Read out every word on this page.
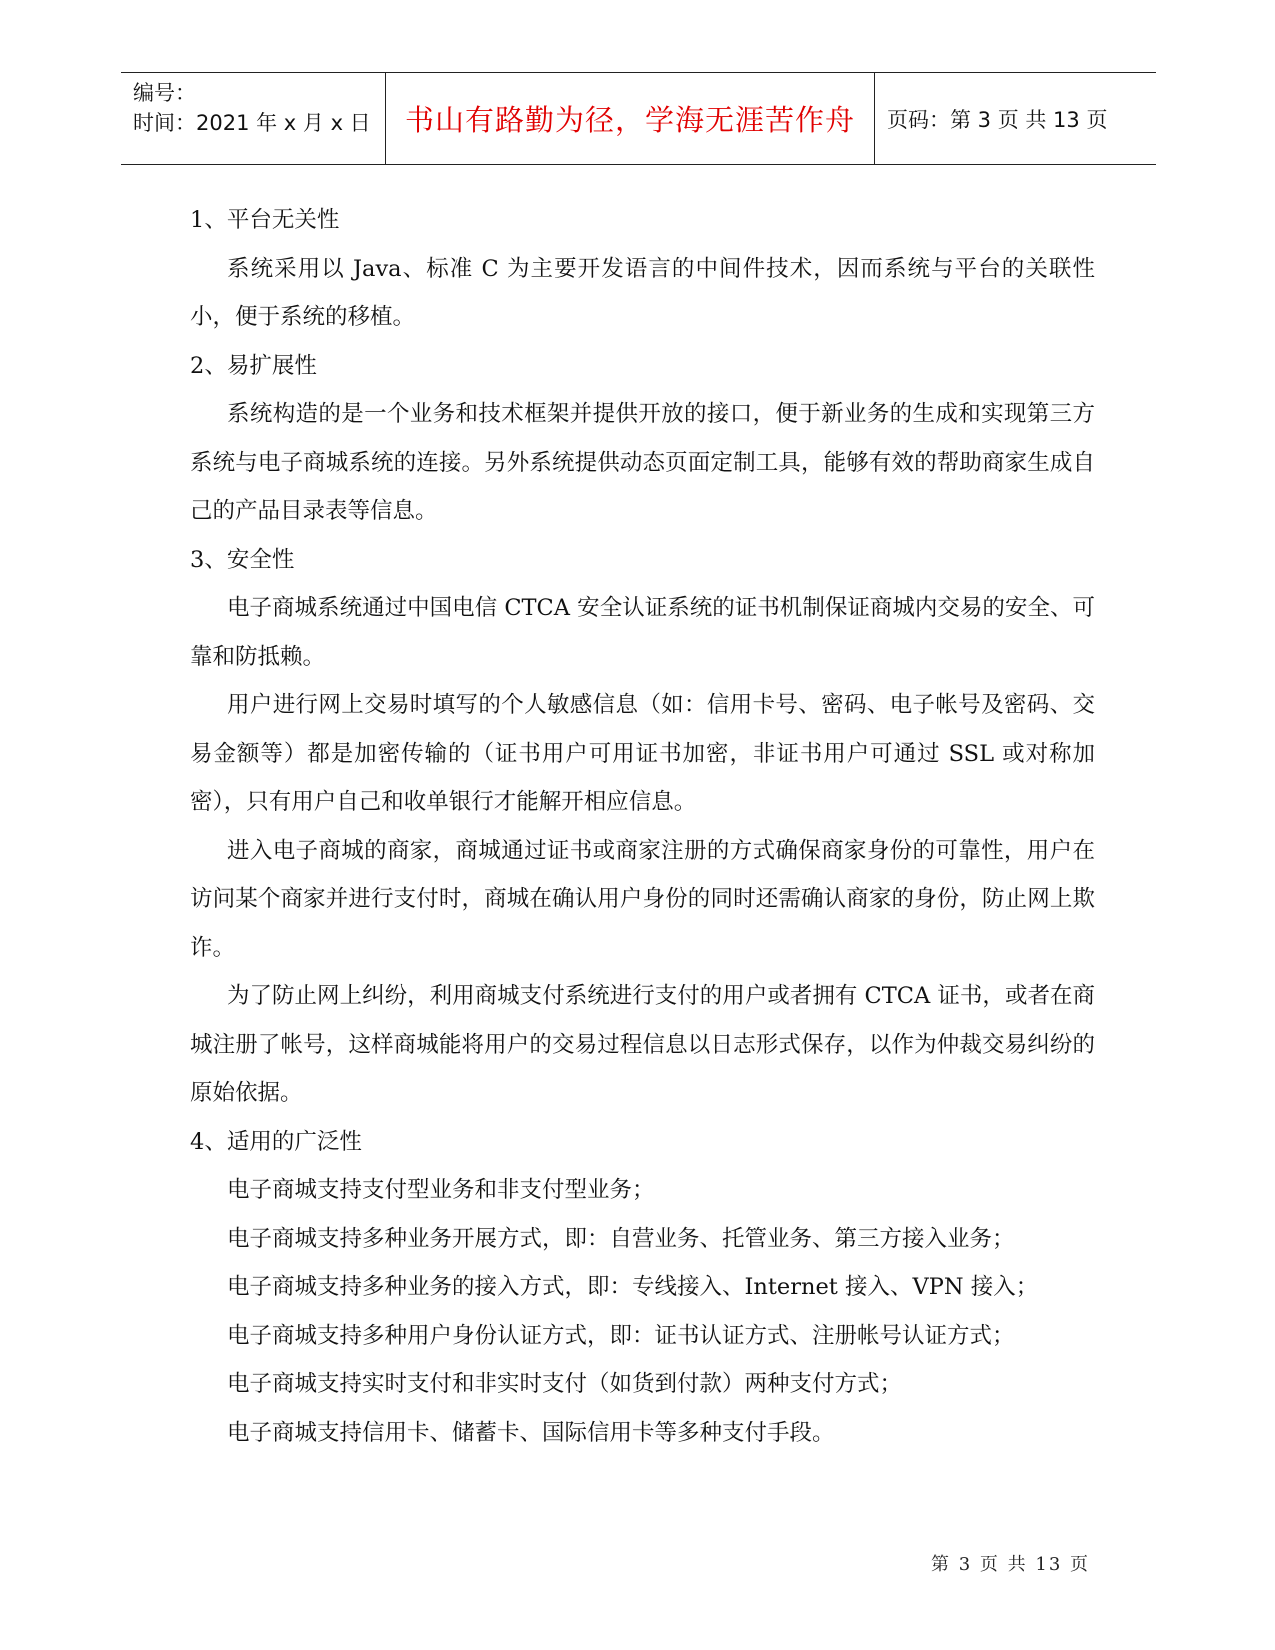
编号：
时间：2021 年 x 月 x 日	书山有路勤为径，学海无涯苦作舟	页码：第 3 页 共 13 页

1、平台无关性

系统采用以 Java、标准 C 为主要开发语言的中间件技术，因而系统与平台的关联性小，便于系统的移植。

2、易扩展性

系统构造的是一个业务和技术框架并提供开放的接口，便于新业务的生成和实现第三方系统与电子商城系统的连接。另外系统提供动态页面定制工具，能够有效的帮助商家生成自己的产品目录表等信息。

3、安全性

电子商城系统通过中国电信 CTCA 安全认证系统的证书机制保证商城内交易的安全、可靠和防抵赖。

用户进行网上交易时填写的个人敏感信息（如：信用卡号、密码、电子帐号及密码、交易金额等）都是加密传输的（证书用户可用证书加密，非证书用户可通过 SSL 或对称加密），只有用户自己和收单银行才能解开相应信息。

进入电子商城的商家，商城通过证书或商家注册的方式确保商家身份的可靠性，用户在访问某个商家并进行支付时，商城在确认用户身份的同时还需确认商家的身份，防止网上欺诈。

为了防止网上纠纷，利用商城支付系统进行支付的用户或者拥有 CTCA 证书，或者在商城注册了帐号，这样商城能将用户的交易过程信息以日志形式保存，以作为仲裁交易纠纷的原始依据。

4、适用的广泛性

电子商城支持支付型业务和非支付型业务；

电子商城支持多种业务开展方式，即：自营业务、托管业务、第三方接入业务；

电子商城支持多种业务的接入方式，即：专线接入、Internet 接入、VPN 接入；

电子商城支持多种用户身份认证方式，即：证书认证方式、注册帐号认证方式；

电子商城支持实时支付和非实时支付（如货到付款）两种支付方式；

电子商城支持信用卡、储蓄卡、国际信用卡等多种支付手段。

第 3 页 共 13 页
